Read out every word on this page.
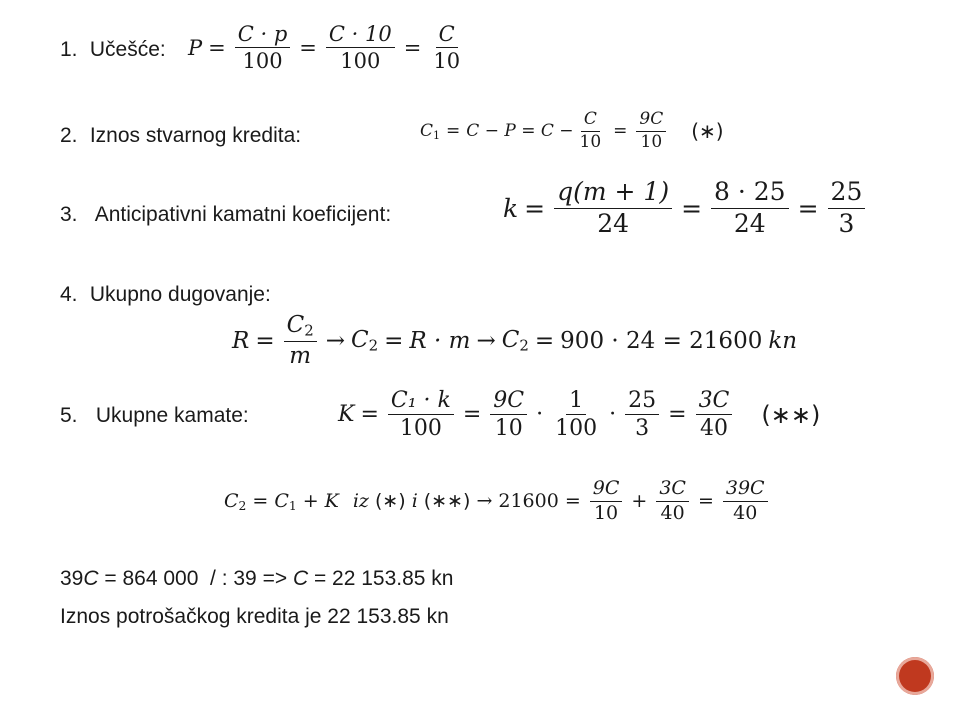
1. Učešće: $P = \frac{C \cdot p}{100} = \frac{C \cdot 10}{100} = \frac{C}{10}$
2. Iznos stvarnog kredita:	$C_1 = C - P = C - \frac{C}{10} = \frac{9C}{10}$ (∗)
3. Anticipativni kamatni koeficijent:	$k = \frac{q(m + 1)}{24} = \frac{8 \cdot 25}{24} = \frac{25}{3}$
4. Ukupno dugovanje:
$R = \frac{C_2}{m} \to C_2 = R \cdot m \to C_2 = 900 \cdot 24 = 21600$ kn
5. Ukupne kamate:	$K = \frac{\text{C₁ · k}}{100} = \frac{9C}{10} \cdot \frac{1}{100} \cdot \frac{25}{3} = \frac{3C}{40}$ (∗∗)
$C_2 = C_1 + K$ iz (∗) i (∗∗) → $21600 = \frac{9C}{10} + \frac{3C}{40} = \frac{39C}{40}$
39C = 864 000  / : 39 => C = 22 153.85 kn
Iznos potrošačkog kredita je 22 153.85 kn
